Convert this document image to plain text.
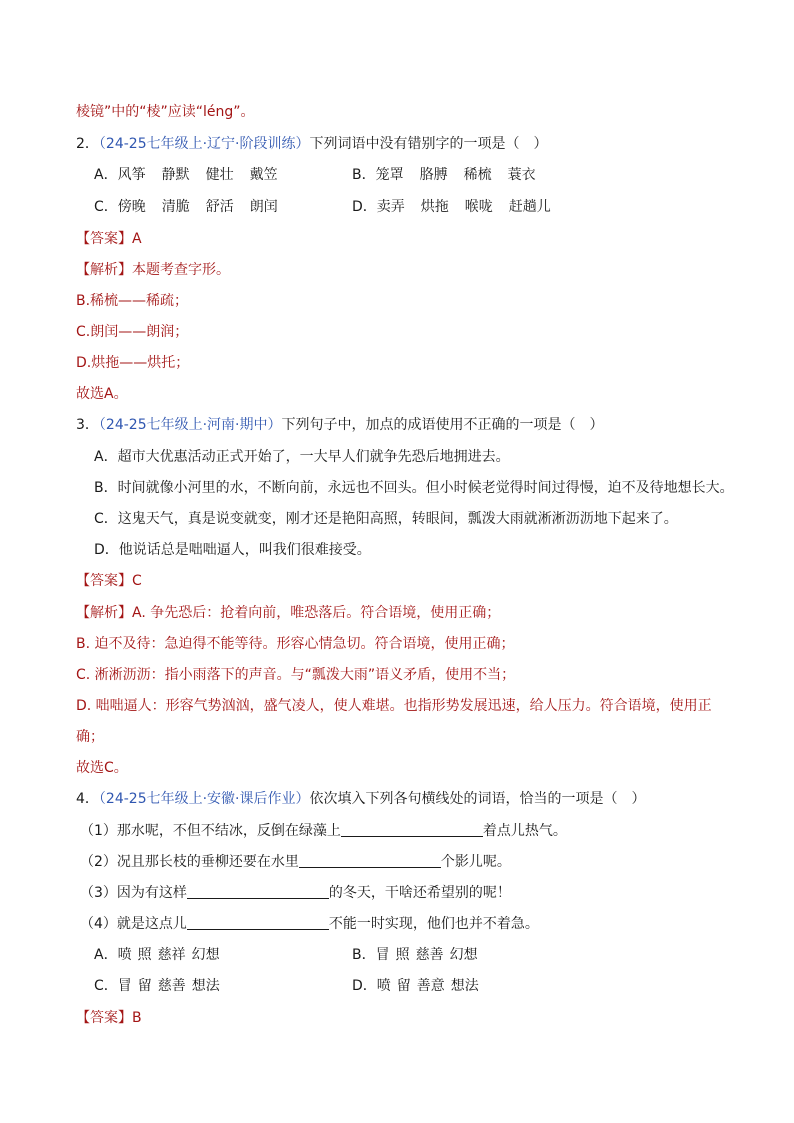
棱镜”中的“棱”应读“léng”。
2．（24-25七年级上·辽宁·阶段训练）下列词语中没有错别字的一项是（　）
A．风筝 静默 健壮 戴笠	B．笼罩 胳膊 稀梳 蓑衣
C．傍晚 清脆 舒活 朗闰	D．卖弄 烘拖 喉咙 赶趟儿
【答案】A
【解析】本题考查字形。
B.稀梳——稀疏；
C.朗闰——朗润；
D.烘拖——烘托；
故选A。
3．（24-25七年级上·河南·期中）下列句子中，加点的成语使用不正确的一项是（　）
A．超市大优惠活动正式开始了，一大早人们就争先恐后地拥进去。
B．时间就像小河里的水，不断向前，永远也不回头。但小时候老觉得时间过得慢，迫不及待地想长大。
C．这鬼天气，真是说变就变，刚才还是艳阳高照，转眼间，瓢泼大雨就淅淅沥沥地下起来了。
D．他说话总是咄咄逼人，叫我们很难接受。
【答案】C
【解析】A. 争先恐后：抢着向前，唯恐落后。符合语境，使用正确；
B. 迫不及待：急迫得不能等待。形容心情急切。符合语境，使用正确；
C. 淅淅沥沥：指小雨落下的声音。与“瓢泼大雨”语义矛盾，使用不当；
D. 咄咄逼人：形容气势汹汹，盛气凌人，使人难堪。也指形势发展迅速，给人压力。符合语境，使用正
确；
故选C。
4．（24-25七年级上·安徽·课后作业）依次填入下列各句横线处的词语，恰当的一项是（　）
（1）那水呢，不但不结冰，反倒在绿藻上	着点儿热气。
（2）况且那长枝的垂柳还要在水里	个影儿呢。
（3）因为有这样	的冬天，干啥还希望别的呢！
（4）就是这点儿	不能一时实现，他们也并不着急。
A．喷 照 慈祥 幻想	B．冒 照 慈善 幻想
C．冒 留 慈善 想法	D．喷 留 善意 想法
【答案】B
